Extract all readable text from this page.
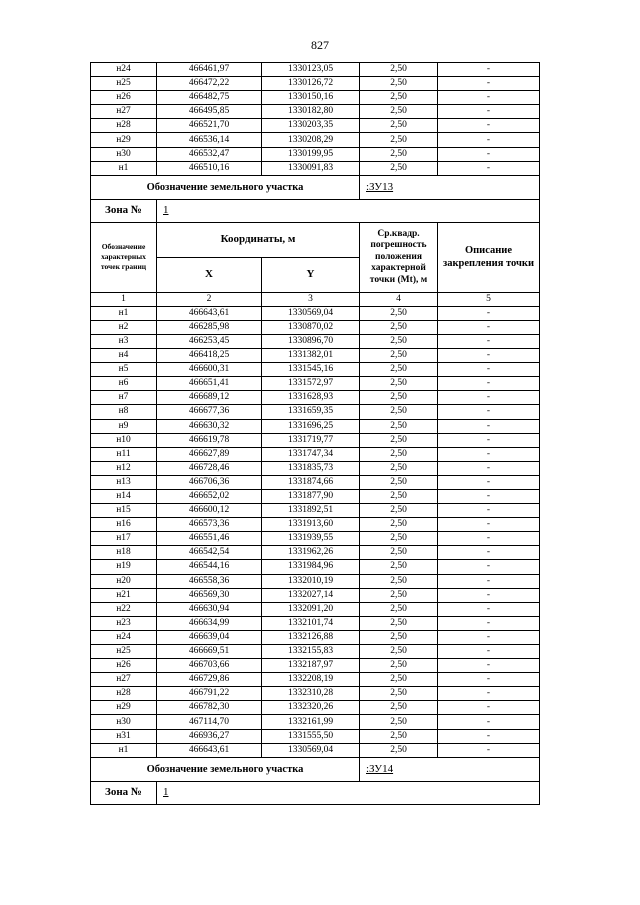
827
н24	466461,97	1330123,05	2,50	-
н25	466472,22	1330126,72	2,50	-
н26	466482,75	1330150,16	2,50	-
н27	466495,85	1330182,80	2,50	-
н28	466521,70	1330203,35	2,50	-
н29	466536,14	1330208,29	2,50	-
н30	466532,47	1330199,95	2,50	-
н1	466510,16	1330091,83	2,50	-
Обозначение земельного участка			:ЗУ13	
Зона №	1			
Обозначение характерных точек границ	Координаты, м		Ср.квадр. погрешность положения характерной точки (Mt), м	Описание закрепления точки
	X	Y		
1	2	3	4	5
н1	466643,61	1330569,04	2,50	-
н2	466285,98	1330870,02	2,50	-
н3	466253,45	1330896,70	2,50	-
н4	466418,25	1331382,01	2,50	-
н5	466600,31	1331545,16	2,50	-
н6	466651,41	1331572,97	2,50	-
н7	466689,12	1331628,93	2,50	-
н8	466677,36	1331659,35	2,50	-
н9	466630,32	1331696,25	2,50	-
н10	466619,78	1331719,77	2,50	-
н11	466627,89	1331747,34	2,50	-
н12	466728,46	1331835,73	2,50	-
н13	466706,36	1331874,66	2,50	-
н14	466652,02	1331877,90	2,50	-
н15	466600,12	1331892,51	2,50	-
н16	466573,36	1331913,60	2,50	-
н17	466551,46	1331939,55	2,50	-
н18	466542,54	1331962,26	2,50	-
н19	466544,16	1331984,96	2,50	-
н20	466558,36	1332010,19	2,50	-
н21	466569,30	1332027,14	2,50	-
н22	466630,94	1332091,20	2,50	-
н23	466634,99	1332101,74	2,50	-
н24	466639,04	1332126,88	2,50	-
н25	466669,51	1332155,83	2,50	-
н26	466703,66	1332187,97	2,50	-
н27	466729,86	1332208,19	2,50	-
н28	466791,22	1332310,28	2,50	-
н29	466782,30	1332320,26	2,50	-
н30	467114,70	1332161,99	2,50	-
н31	466936,27	1331555,50	2,50	-
н1	466643,61	1330569,04	2,50	-
Обозначение земельного участка			:ЗУ14	
Зона №	1			
